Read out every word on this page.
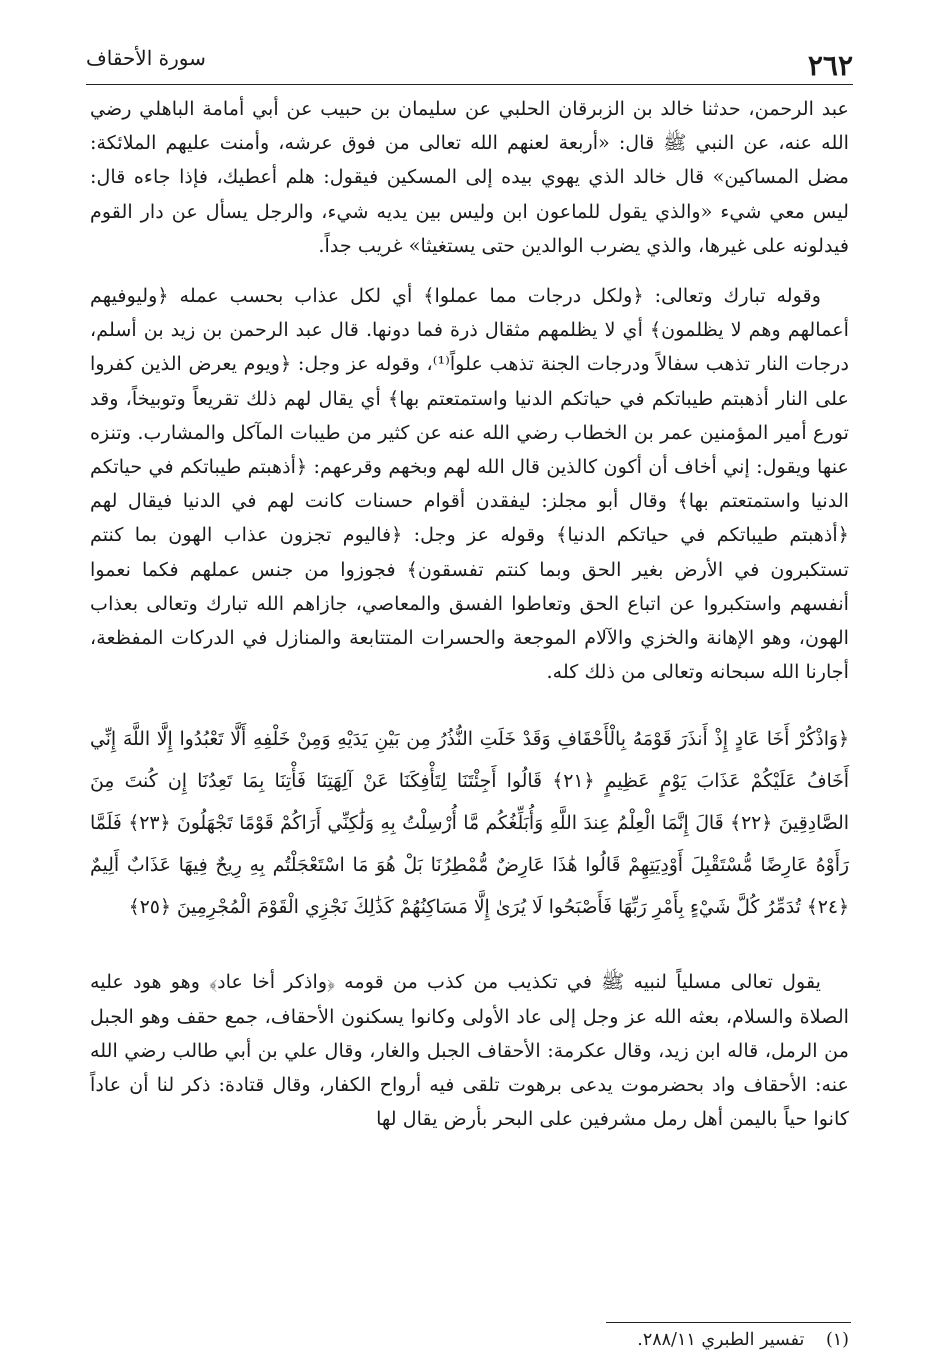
٢٦٢
سورة الأحقاف

عبد الرحمن، حدثنا خالد بن الزبرقان الحلبي عن سليمان بن حبيب عن أبي أمامة الباهلي رضي الله عنه، عن النبي ﷺ قال: «أربعة لعنهم الله تعالى من فوق عرشه، وأمنت عليهم الملائكة: مضل المساكين» قال خالد الذي يهوي بيده إلى المسكين فيقول: هلم أعطيك، فإذا جاءه قال: ليس معي شيء «والذي يقول للماعون ابن وليس بين يديه شيء، والرجل يسأل عن دار القوم فيدلونه على غيرها، والذي يضرب الوالدين حتى يستغيثا» غريب جداً.

وقوله تبارك وتعالى: ﴿ولكل درجات مما عملوا﴾ أي لكل عذاب بحسب عمله ﴿وليوفيهم أعمالهم وهم لا يظلمون﴾ أي لا يظلمهم مثقال ذرة فما دونها. قال عبد الرحمن بن زيد بن أسلم، درجات النار تذهب سفالاً ودرجات الجنة تذهب علواً⁽¹⁾، وقوله عز وجل: ﴿ويوم يعرض الذين كفروا على النار أذهبتم طيباتكم في حياتكم الدنيا واستمتعتم بها﴾ أي يقال لهم ذلك تقريعاً وتوبيخاً، وقد تورع أمير المؤمنين عمر بن الخطاب رضي الله عنه عن كثير من طيبات المآكل والمشارب. وتنزه عنها ويقول: إني أخاف أن أكون كالذين قال الله لهم وبخهم وقرعهم: ﴿أذهبتم طيباتكم في حياتكم الدنيا واستمتعتم بها﴾ وقال أبو مجلز: ليفقدن أقوام حسنات كانت لهم في الدنيا فيقال لهم ﴿أذهبتم طيباتكم في حياتكم الدنيا﴾ وقوله عز وجل: ﴿فاليوم تجزون عذاب الهون بما كنتم تستكبرون في الأرض بغير الحق وبما كنتم تفسقون﴾ فجوزوا من جنس عملهم فكما نعموا أنفسهم واستكبروا عن اتباع الحق وتعاطوا الفسق والمعاصي، جازاهم الله تبارك وتعالى بعذاب الهون، وهو الإهانة والخزي والآلام الموجعة والحسرات المتتابعة والمنازل في الدركات المفظعة، أجارنا الله سبحانه وتعالى من ذلك كله.

﴿وَاذْكُرْ أَخَا عَادٍ إِذْ أَنذَرَ قَوْمَهُ بِالْأَحْقَافِ وَقَدْ خَلَتِ النُّذُرُ مِن بَيْنِ يَدَيْهِ وَمِنْ خَلْفِهِ أَلَّا تَعْبُدُوا إِلَّا اللَّهَ إِنِّي أَخَافُ عَلَيْكُمْ عَذَابَ يَوْمٍ عَظِيمٍ ﴿٢١﴾ قَالُوا أَجِئْتَنَا لِتَأْفِكَنَا عَنْ آلِهَتِنَا فَأْتِنَا بِمَا تَعِدُنَا إِن كُنتَ مِنَ الصَّادِقِينَ ﴿٢٢﴾ قَالَ إِنَّمَا الْعِلْمُ عِندَ اللَّهِ وَأُبَلِّغُكُم مَّا أُرْسِلْتُ بِهِ وَلَٰكِنِّي أَرَاكُمْ قَوْمًا تَجْهَلُونَ ﴿٢٣﴾ فَلَمَّا رَأَوْهُ عَارِضًا مُّسْتَقْبِلَ أَوْدِيَتِهِمْ قَالُوا هَٰذَا عَارِضٌ مُّمْطِرُنَا بَلْ هُوَ مَا اسْتَعْجَلْتُم بِهِ رِيحٌ فِيهَا عَذَابٌ أَلِيمٌ ﴿٢٤﴾ تُدَمِّرُ كُلَّ شَيْءٍ بِأَمْرِ رَبِّهَا فَأَصْبَحُوا لَا يُرَىٰ إِلَّا مَسَاكِنُهُمْ كَذَٰلِكَ نَجْزِي الْقَوْمَ الْمُجْرِمِينَ ﴿٢٥﴾

يقول تعالى مسلياً لنبيه ﷺ في تكذيب من كذب من قومه ﴿واذكر أخا عاد﴾ وهو هود عليه الصلاة والسلام، بعثه الله عز وجل إلى عاد الأولى وكانوا يسكنون الأحقاف، جمع حقف وهو الجبل من الرمل، قاله ابن زيد، وقال عكرمة: الأحقاف الجبل والغار، وقال علي بن أبي طالب رضي الله عنه: الأحقاف واد بحضرموت يدعى برهوت تلقى فيه أرواح الكفار، وقال قتادة: ذكر لنا أن عاداً كانوا حياً باليمن أهل رمل مشرفين على البحر بأرض يقال لها

(١) تفسير الطبري ٢٨٨/١١.
